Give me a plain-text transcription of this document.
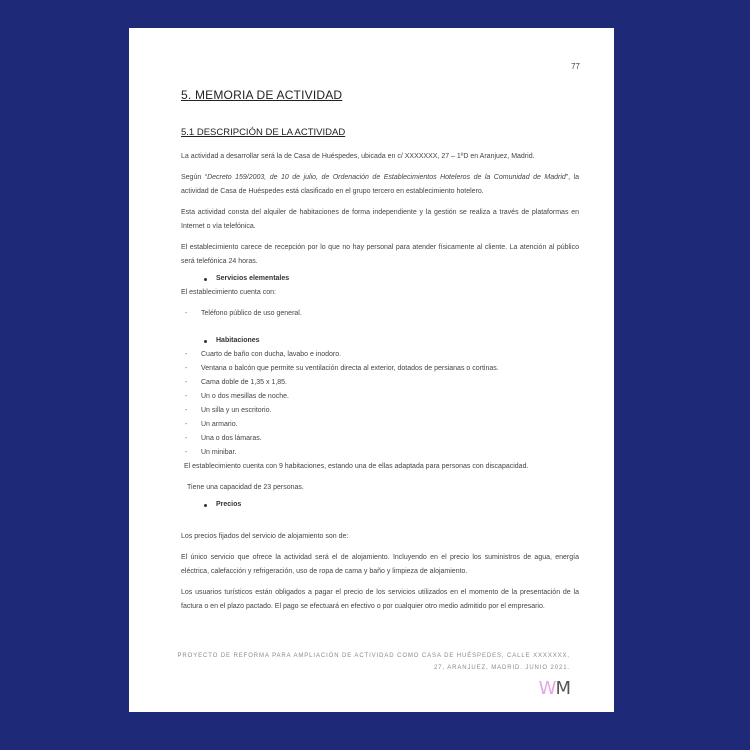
77
5. MEMORIA DE ACTIVIDAD
5.1 DESCRIPCIÓN DE LA ACTIVIDAD

La actividad a desarrollar será la de Casa de Huéspedes, ubicada en c/ XXXXXXX, 27 – 1ºD en Aranjuez, Madrid.

Según “Decreto 159/2003, de 10 de julio, de Ordenación de Establecimientos Hoteleros de la Comunidad de Madrid”, la actividad de Casa de Huéspedes está clasificado en el grupo tercero en establecimiento hotelero.

Esta actividad consta del alquiler de habitaciones de forma independiente y la gestión se realiza a través de plataformas en Internet o vía telefónica.

El establecimiento carece de recepción por lo que no hay personal para atender físicamente al cliente. La atención al público será telefónica 24 horas.

Servicios elementales

El establecimiento cuenta con:

-	Teléfono público de uso general.
Habitaciones
-	Cuarto de baño con ducha, lavabo e inodoro.
-	Ventana o balcón que permite su ventilación directa al exterior, dotados de persianas o cortinas.
-	Cama doble de 1,35 x 1,85.
-	Un o dos mesillas de noche.
-	Un silla y un escritorio.
-	Un armario.
-	Una o dos lámaras.
-	Un minibar.

El establecimiento cuenta con 9 habitaciones, estando una de ellas adaptada para personas con discapacidad.

Tiene una capacidad de 23 personas.

Precios

Los precios fijados del servicio de alojamiento son de:

El único servicio que ofrece la actividad será el de alojamiento. Incluyendo en el precio los suministros de agua, energía eléctrica, calefacción y refrigeración, uso de ropa de cama y baño y limpieza de alojamiento.

Los usuarios turísticos están obligados a pagar el precio de los servicios utilizados en el momento de la presentación de la factura o en el plazo pactado. El pago se efectuará en efectivo o por cualquier otro medio admitido por el empresario.

PROYECTO DE REFORMA PARA AMPLIACIÓN DE ACTIVIDAD COMO CASA DE HUÉSPEDES, CALLE XXXXXXX,
27, ARANJUEZ, MADRID. JUNIO 2021.
WM
